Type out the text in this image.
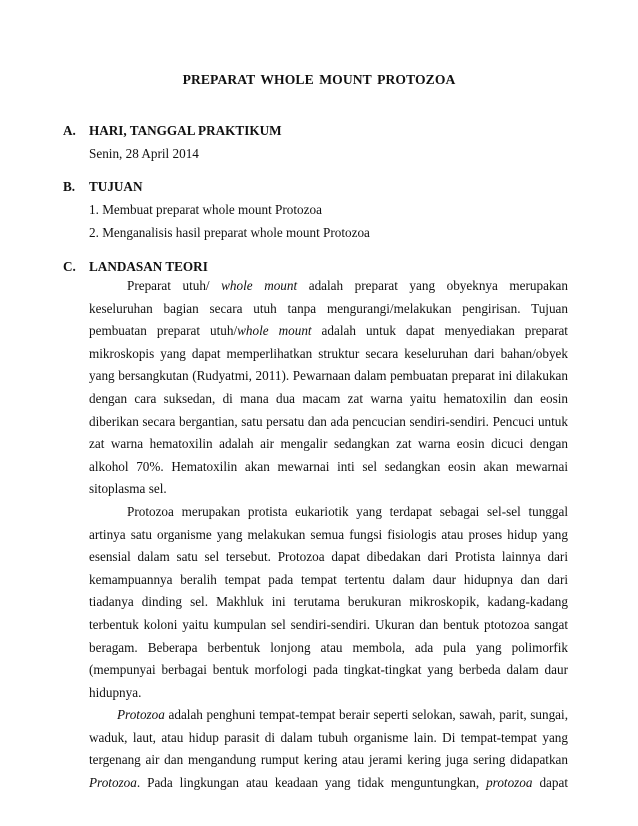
PREPARAT WHOLE MOUNT PROTOZOA
A. HARI, TANGGAL PRAKTIKUM
Senin, 28 April 2014
B. TUJUAN
1. Membuat preparat whole mount Protozoa
2. Menganalisis hasil preparat whole mount Protozoa
C. LANDASAN TEORI

Preparat utuh/ whole mount adalah preparat yang obyeknya merupakan keseluruhan bagian secara utuh tanpa mengurangi/melakukan pengirisan. Tujuan pembuatan preparat utuh/whole mount adalah untuk dapat menyediakan preparat mikroskopis yang dapat memperlihatkan struktur secara keseluruhan dari bahan/obyek yang bersangkutan (Rudyatmi, 2011). Pewarnaan dalam pembuatan preparat ini dilakukan dengan cara suksedan, di mana dua macam zat warna yaitu hematoxilin dan eosin diberikan secara bergantian, satu persatu dan ada pencucian sendiri-sendiri. Pencuci untuk zat warna hematoxilin adalah air mengalir sedangkan zat warna eosin dicuci dengan alkohol 70%. Hematoxilin akan mewarnai inti sel sedangkan eosin akan mewarnai sitoplasma sel.

Protozoa merupakan protista eukariotik yang terdapat sebagai sel-sel tunggal artinya satu organisme yang melakukan semua fungsi fisiologis atau proses hidup yang esensial dalam satu sel tersebut. Protozoa dapat dibedakan dari Protista lainnya dari kemampuannya beralih tempat pada tempat tertentu dalam daur hidupnya dan dari tiadanya dinding sel. Makhluk ini terutama berukuran mikroskopik, kadang-kadang terbentuk koloni yaitu kumpulan sel sendiri-sendiri. Ukuran dan bentuk ptotozoa sangat beragam. Beberapa berbentuk lonjong atau membola, ada pula yang polimorfik (mempunyai berbagai bentuk morfologi pada tingkat-tingkat yang berbeda dalam daur hidupnya.

Protozoa adalah penghuni tempat-tempat berair seperti selokan, sawah, parit, sungai, waduk, laut, atau hidup parasit di dalam tubuh organisme lain. Di tempat-tempat yang tergenang air dan mengandung rumput kering atau jerami kering juga sering didapatkan Protozoa. Pada lingkungan atau keadaan yang tidak menguntungkan, protozoa dapat
